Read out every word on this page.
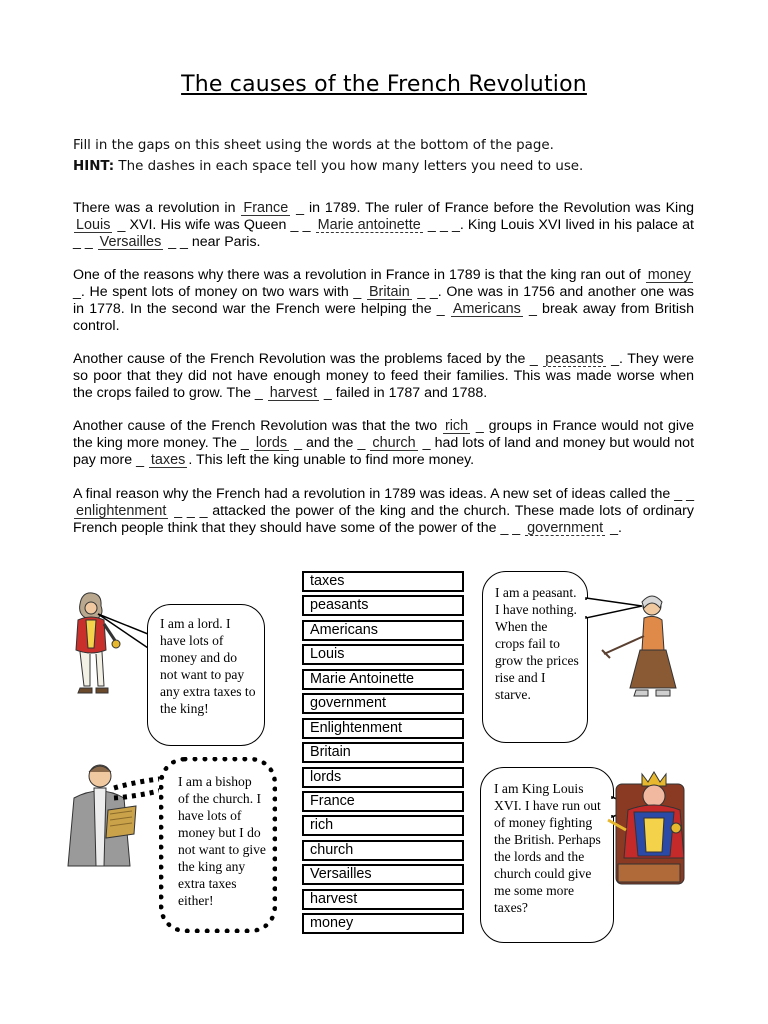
The causes of the French Revolution
Fill in the gaps on this sheet using the words at the bottom of the page.
HINT: The dashes in each space tell you how many letters you need to use.
There was a revolution in France _ in 1789. The ruler of France before the Revolution was King Louis _ XVI. His wife was Queen _ _ Marie antoinette _ _ _. King Louis XVI lived in his palace at _ _ Versailles _ _ near Paris.
One of the reasons why there was a revolution in France in 1789 is that the king ran out of money _. He spent lots of money on two wars with _ Britain _ _. One was in 1756 and another one was in 1778. In the second war the French were helping the _ Americans _ break away from British control.
Another cause of the French Revolution was the problems faced by the _ peasants _. They were so poor that they did not have enough money to feed their families. This was made worse when the crops failed to grow. The _ harvest _ failed in 1787 and 1788.
Another cause of the French Revolution was that the two rich _ groups in France would not give the king more money. The _ lords _ and the _ church _ had lots of land and money but would not pay more _ taxes . This left the king unable to find more money.
A final reason why the French had a revolution in 1789 was ideas. A new set of ideas called the _ _ enlightenment _ _ _ attacked the power of the king and the church. These made lots of ordinary French people think that they should have some of the power of the _ _ government _.
taxes
peasants
Americans
Louis
Marie Antoinette
government
Enlightenment
Britain
lords
France
rich
church
Versailles
harvest
money
I am a lord. I have lots of money and do not want to pay any extra taxes to the king!
I am a bishop of the church. I have lots of money but I do not want to give the king any extra taxes either!
I am a peasant. I have nothing. When the crops fail to grow the prices rise and I starve.
I am King Louis XVI. I have run out of money fighting the British. Perhaps the lords and the church could give me some more taxes?
